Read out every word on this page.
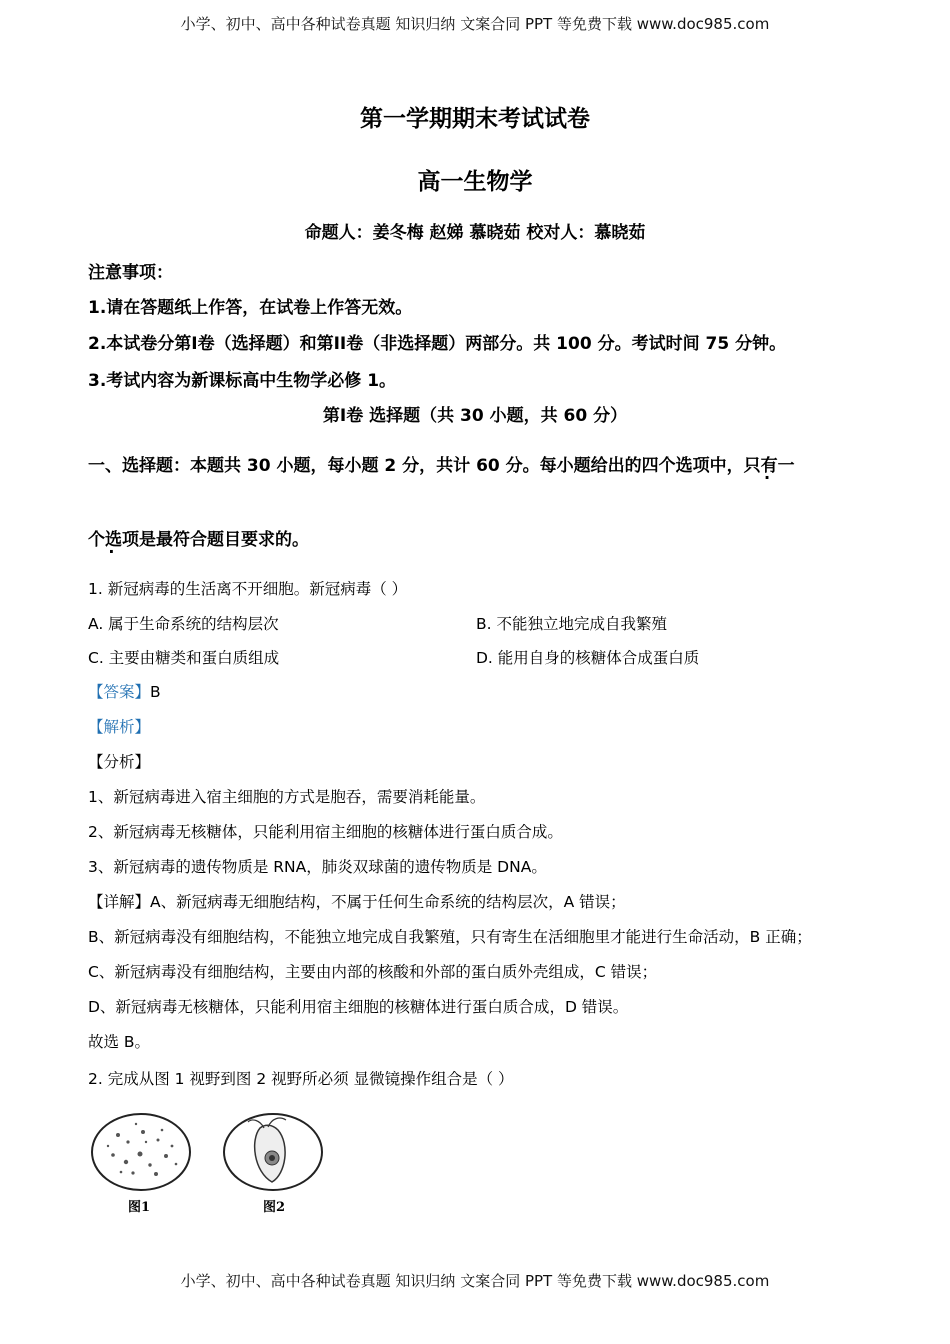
小学、初中、高中各种试卷真题 知识归纳 文案合同 PPT 等免费下载 www.doc985.com
第一学期期末考试试卷
高一生物学
命题人：姜冬梅 赵娣 慕晓茹 校对人：慕晓茹
注意事项：
1.请在答题纸上作答，在试卷上作答无效。
2.本试卷分第I卷（选择题）和第II卷（非选择题）两部分。共 100 分。考试时间 75 分钟。
3.考试内容为新课标高中生物学必修 1。
第I卷 选择题（共 30 小题，共 60 分）
一、选择题：本题共 30 小题，每小题 2 分，共计 60 分。每小题给出的四个选项中，只有一
个选项是最符合题目要求的。
1. 新冠病毒的生活离不开细胞。新冠病毒（ ）
A. 属于生命系统的结构层次	B. 不能独立地完成自我繁殖
C. 主要由糖类和蛋白质组成	D. 能用自身的核糖体合成蛋白质
【答案】B
【解析】
【分析】
1、新冠病毒进入宿主细胞的方式是胞吞，需要消耗能量。
2、新冠病毒无核糖体，只能利用宿主细胞的核糖体进行蛋白质合成。
3、新冠病毒的遗传物质是 RNA，肺炎双球菌的遗传物质是 DNA。
【详解】A、新冠病毒无细胞结构，不属于任何生命系统的结构层次，A 错误；
B、新冠病毒没有细胞结构，不能独立地完成自我繁殖，只有寄生在活细胞里才能进行生命活动，B 正确；
C、新冠病毒没有细胞结构，主要由内部的核酸和外部的蛋白质外壳组成，C 错误；
D、新冠病毒无核糖体，只能利用宿主细胞的核糖体进行蛋白质合成，D 错误。
故选 B。
2. 完成从图 1 视野到图 2 视野所必须 显微镜操作组合是（ ）
图1	图2
小学、初中、高中各种试卷真题 知识归纳 文案合同 PPT 等免费下载 www.doc985.com
